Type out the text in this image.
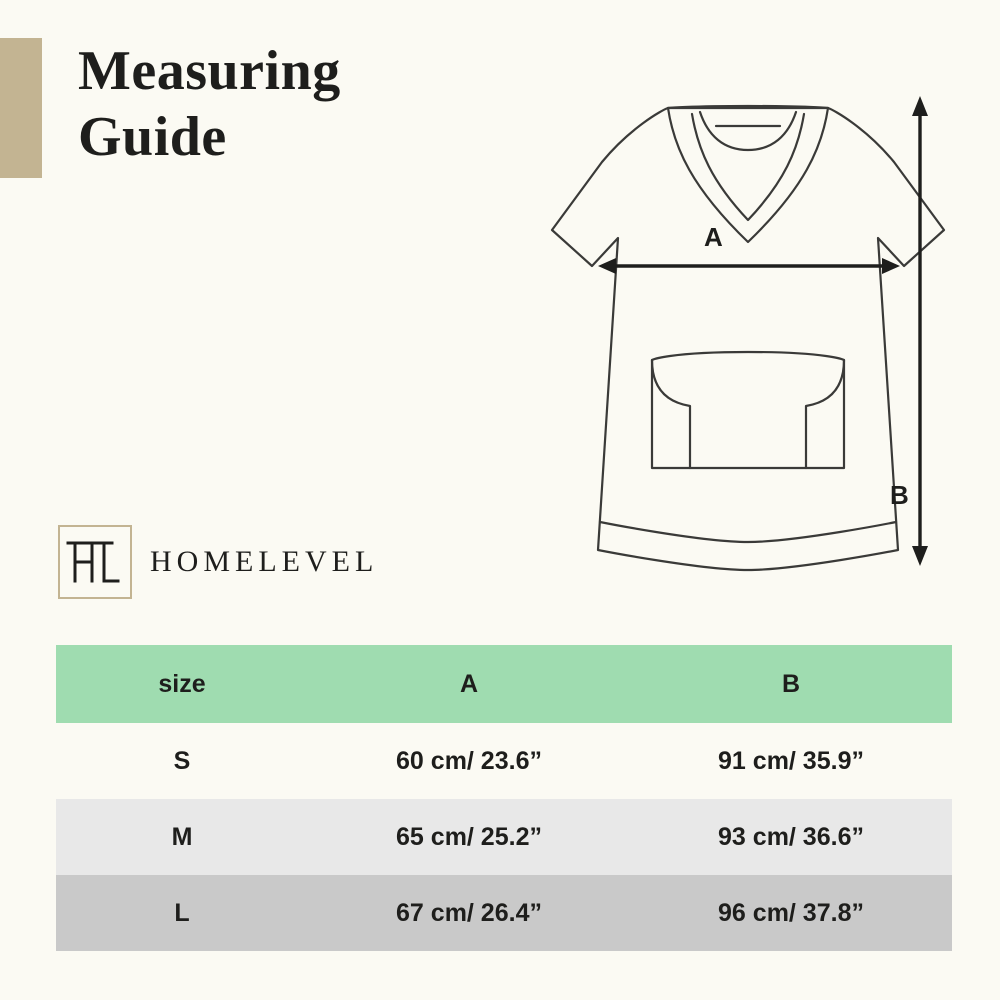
Measuring
Guide
A
B
HOMELEVEL
size	A	B
S	60 cm/ 23.6”	91 cm/ 35.9”
M	65 cm/ 25.2”	93 cm/ 36.6”
L	67 cm/ 26.4”	96 cm/ 37.8”
